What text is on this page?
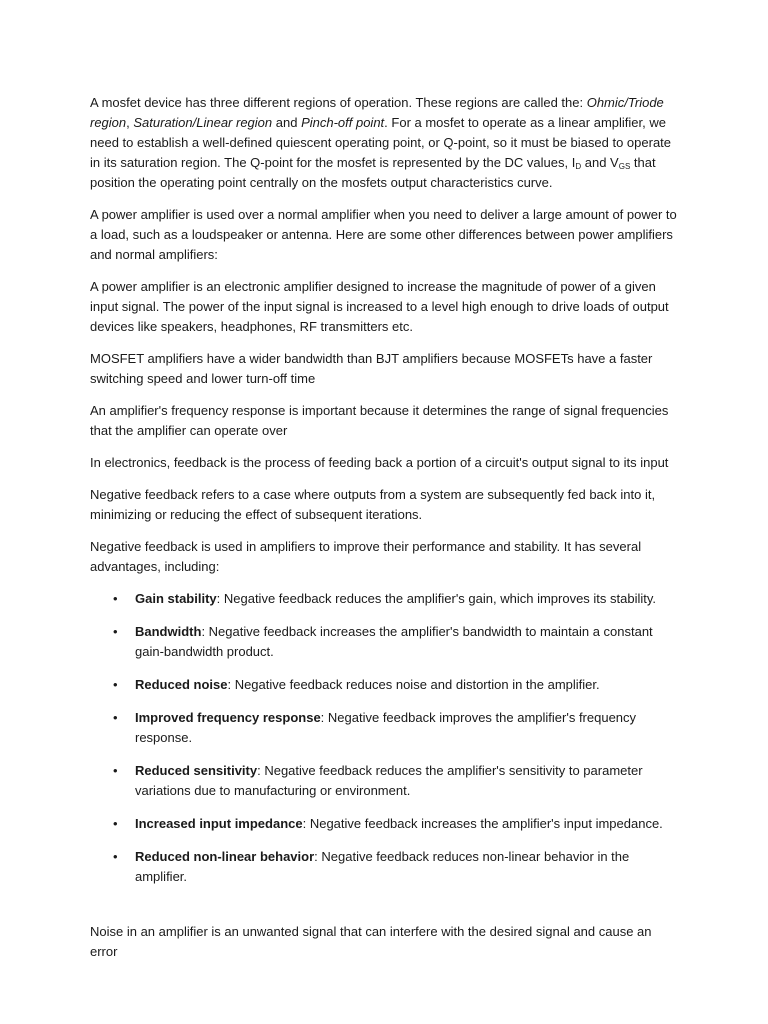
A mosfet device has three different regions of operation. These regions are called the: Ohmic/Triode region, Saturation/Linear region and Pinch-off point. For a mosfet to operate as a linear amplifier, we need to establish a well-defined quiescent operating point, or Q-point, so it must be biased to operate in its saturation region. The Q-point for the mosfet is represented by the DC values, $I_D$ and $V_{GS}$ that position the operating point centrally on the mosfets output characteristics curve.

A power amplifier is used over a normal amplifier when you need to deliver a large amount of power to a load, such as a loudspeaker or antenna. Here are some other differences between power amplifiers and normal amplifiers:

A power amplifier is an electronic amplifier designed to increase the magnitude of power of a given input signal. The power of the input signal is increased to a level high enough to drive loads of output devices like speakers, headphones, RF transmitters etc.

MOSFET amplifiers have a wider bandwidth than BJT amplifiers because MOSFETs have a faster switching speed and lower turn-off time

An amplifier's frequency response is important because it determines the range of signal frequencies that the amplifier can operate over

In electronics, feedback is the process of feeding back a portion of a circuit's output signal to its input

Negative feedback refers to a case where outputs from a system are subsequently fed back into it, minimizing or reducing the effect of subsequent iterations.

Negative feedback is used in amplifiers to improve their performance and stability. It has several advantages, including:

• Gain stability: Negative feedback reduces the amplifier's gain, which improves its stability.
• Bandwidth: Negative feedback increases the amplifier's bandwidth to maintain a constant gain-bandwidth product.
• Reduced noise: Negative feedback reduces noise and distortion in the amplifier.
• Improved frequency response: Negative feedback improves the amplifier's frequency response.
• Reduced sensitivity: Negative feedback reduces the amplifier's sensitivity to parameter variations due to manufacturing or environment.
• Increased input impedance: Negative feedback increases the amplifier's input impedance.
• Reduced non-linear behavior: Negative feedback reduces non-linear behavior in the amplifier.

Noise in an amplifier is an unwanted signal that can interfere with the desired signal and cause an error
